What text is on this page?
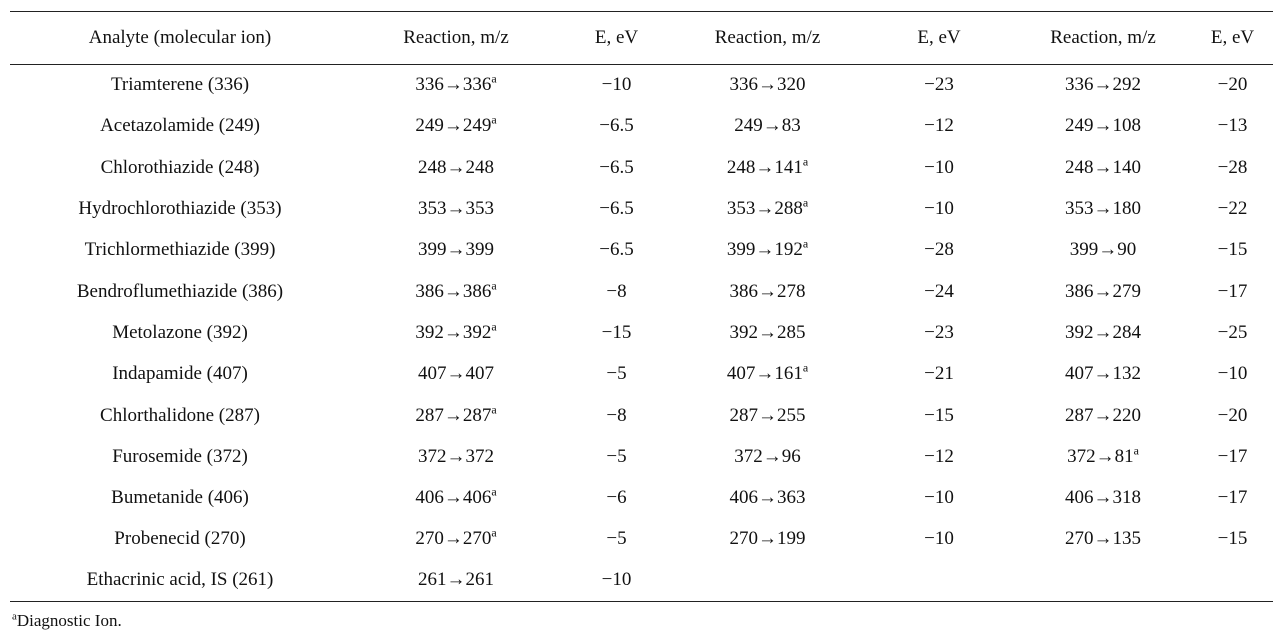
Analyte (molecular ion)	Reaction, m/z	E, eV	Reaction, m/z	E, eV	Reaction, m/z	E, eV
Triamterene (336)	$336\to 336^a$	−10	336→320	−23	336→292	−20
Acetazolamide (249)	$249\to 249^a$	−6.5	249→83	−12	249→108	−13
Chlorothiazide (248)	248→248	−6.5	$248\to 141^a$	−10	248→140	−28
Hydrochlorothiazide (353)	353→353	−6.5	$353\to 288^a$	−10	353→180	−22
Trichlormethiazide (399)	399→399	−6.5	$399\to 192^a$	−28	399→90	−15
Bendroflumethiazide (386)	$386\to 386^a$	−8	386→278	−24	386→279	−17
Metolazone (392)	$392\to 392^a$	−15	392→285	−23	392→284	−25
Indapamide (407)	407→407	−5	$407\to 161^a$	−21	407→132	−10
Chlorthalidone (287)	$287\to 287^a$	−8	287→255	−15	287→220	−20
Furosemide (372)	372→372	−5	372→96	−12	$372\to 81^a$	−17
Bumetanide (406)	$406\to 406^a$	−6	406→363	−10	406→318	−17
Probenecid (270)	$270\to 270^a$	−5	270→199	−10	270→135	−15
Ethacrinic acid, IS (261)	261→261	−10				
$^a$Diagnostic Ion.
